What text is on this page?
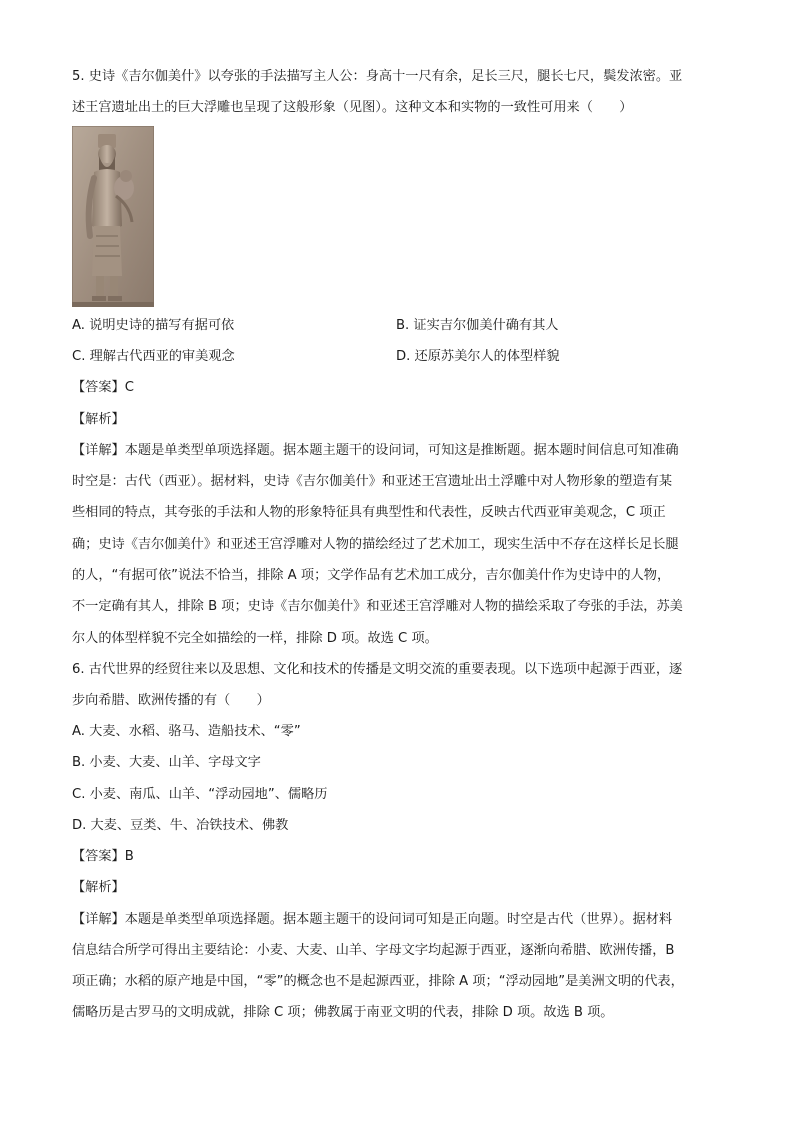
5. 史诗《吉尔伽美什》以夸张的手法描写主人公：身高十一尺有余，足长三尺，腿长七尺，鬓发浓密。亚
述王宫遗址出土的巨大浮雕也呈现了这般形象（见图）。这种文本和实物的一致性可用来（　　）
A. 说明史诗的描写有据可依	B. 证实吉尔伽美什确有其人
C. 理解古代西亚的审美观念	D. 还原苏美尔人的体型样貌
【答案】C
【解析】
【详解】本题是单类型单项选择题。据本题主题干的设问词，可知这是推断题。据本题时间信息可知准确
时空是：古代（西亚）。据材料，史诗《吉尔伽美什》和亚述王宫遗址出土浮雕中对人物形象的塑造有某
些相同的特点，其夸张的手法和人物的形象特征具有典型性和代表性，反映古代西亚审美观念，C 项正
确；史诗《吉尔伽美什》和亚述王宫浮雕对人物的描绘经过了艺术加工，现实生活中不存在这样长足长腿
的人，“有据可依”说法不恰当，排除 A 项；文学作品有艺术加工成分，吉尔伽美什作为史诗中的人物，
不一定确有其人，排除 B 项；史诗《吉尔伽美什》和亚述王宫浮雕对人物的描绘采取了夸张的手法，苏美
尔人的体型样貌不完全如描绘的一样，排除 D 项。故选 C 项。
6. 古代世界的经贸往来以及思想、文化和技术的传播是文明交流的重要表现。以下选项中起源于西亚，逐
步向希腊、欧洲传播的有（　　）
A. 大麦、水稻、骆马、造船技术、“零”
B. 小麦、大麦、山羊、字母文字
C. 小麦、南瓜、山羊、“浮动园地”、儒略历
D. 大麦、豆类、牛、冶铁技术、佛教
【答案】B
【解析】
【详解】本题是单类型单项选择题。据本题主题干的设问词可知是正向题。时空是古代（世界）。据材料
信息结合所学可得出主要结论：小麦、大麦、山羊、字母文字均起源于西亚，逐渐向希腊、欧洲传播，B
项正确；水稻的原产地是中国，“零”的概念也不是起源西亚，排除 A 项；“浮动园地”是美洲文明的代表，
儒略历是古罗马的文明成就，排除 C 项；佛教属于南亚文明的代表，排除 D 项。故选 B 项。
